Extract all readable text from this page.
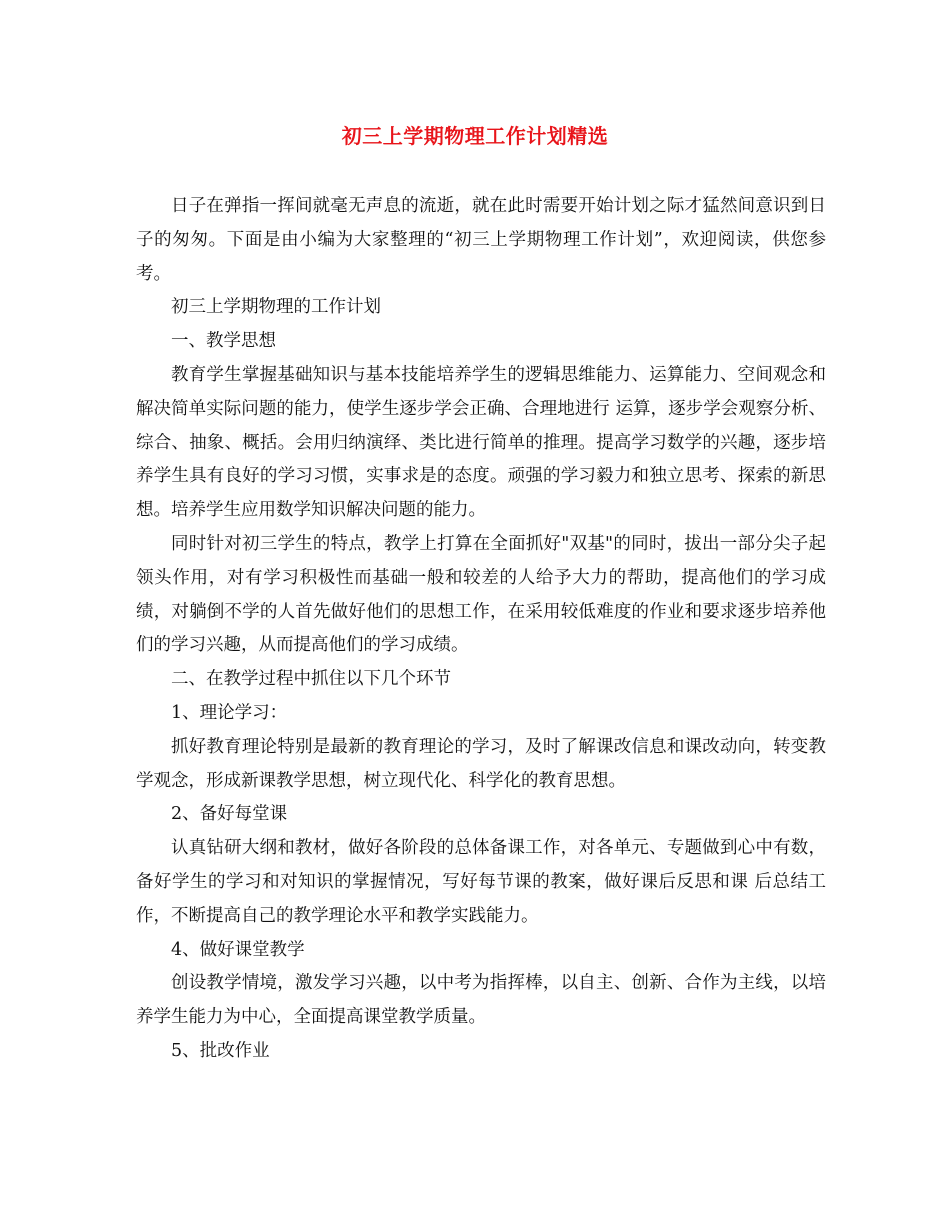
初三上学期物理工作计划精选

日子在弹指一挥间就毫无声息的流逝，就在此时需要开始计划之际才猛然间意识到日子的匆匆。下面是由小编为大家整理的“初三上学期物理工作计划”，欢迎阅读，供您参考。

初三上学期物理的工作计划

一、教学思想

教育学生掌握基础知识与基本技能培养学生的逻辑思维能力、运算能力、空间观念和解决简单实际问题的能力，使学生逐步学会正确、合理地进行 运算，逐步学会观察分析、综合、抽象、概括。会用归纳演绎、类比进行简单的推理。提高学习数学的兴趣，逐步培养学生具有良好的学习习惯，实事求是的态度。顽强的学习毅力和独立思考、探索的新思想。培养学生应用数学知识解决问题的能力。

同时针对初三学生的特点，教学上打算在全面抓好"双基"的同时，拔出一部分尖子起领头作用，对有学习积极性而基础一般和较差的人给予大力的帮助，提高他们的学习成绩，对躺倒不学的人首先做好他们的思想工作，在采用较低难度的作业和要求逐步培养他们的学习兴趣，从而提高他们的学习成绩。

二、在教学过程中抓住以下几个环节

1、理论学习：

抓好教育理论特别是最新的教育理论的学习，及时了解课改信息和课改动向，转变教学观念，形成新课教学思想，树立现代化、科学化的教育思想。

2、备好每堂课

认真钻研大纲和教材，做好各阶段的总体备课工作，对各单元、专题做到心中有数，备好学生的学习和对知识的掌握情况，写好每节课的教案，做好课后反思和课 后总结工作，不断提高自己的教学理论水平和教学实践能力。

4、做好课堂教学

创设教学情境，激发学习兴趣，以中考为指挥棒，以自主、创新、合作为主线，以培养学生能力为中心，全面提高课堂教学质量。

5、批改作业
